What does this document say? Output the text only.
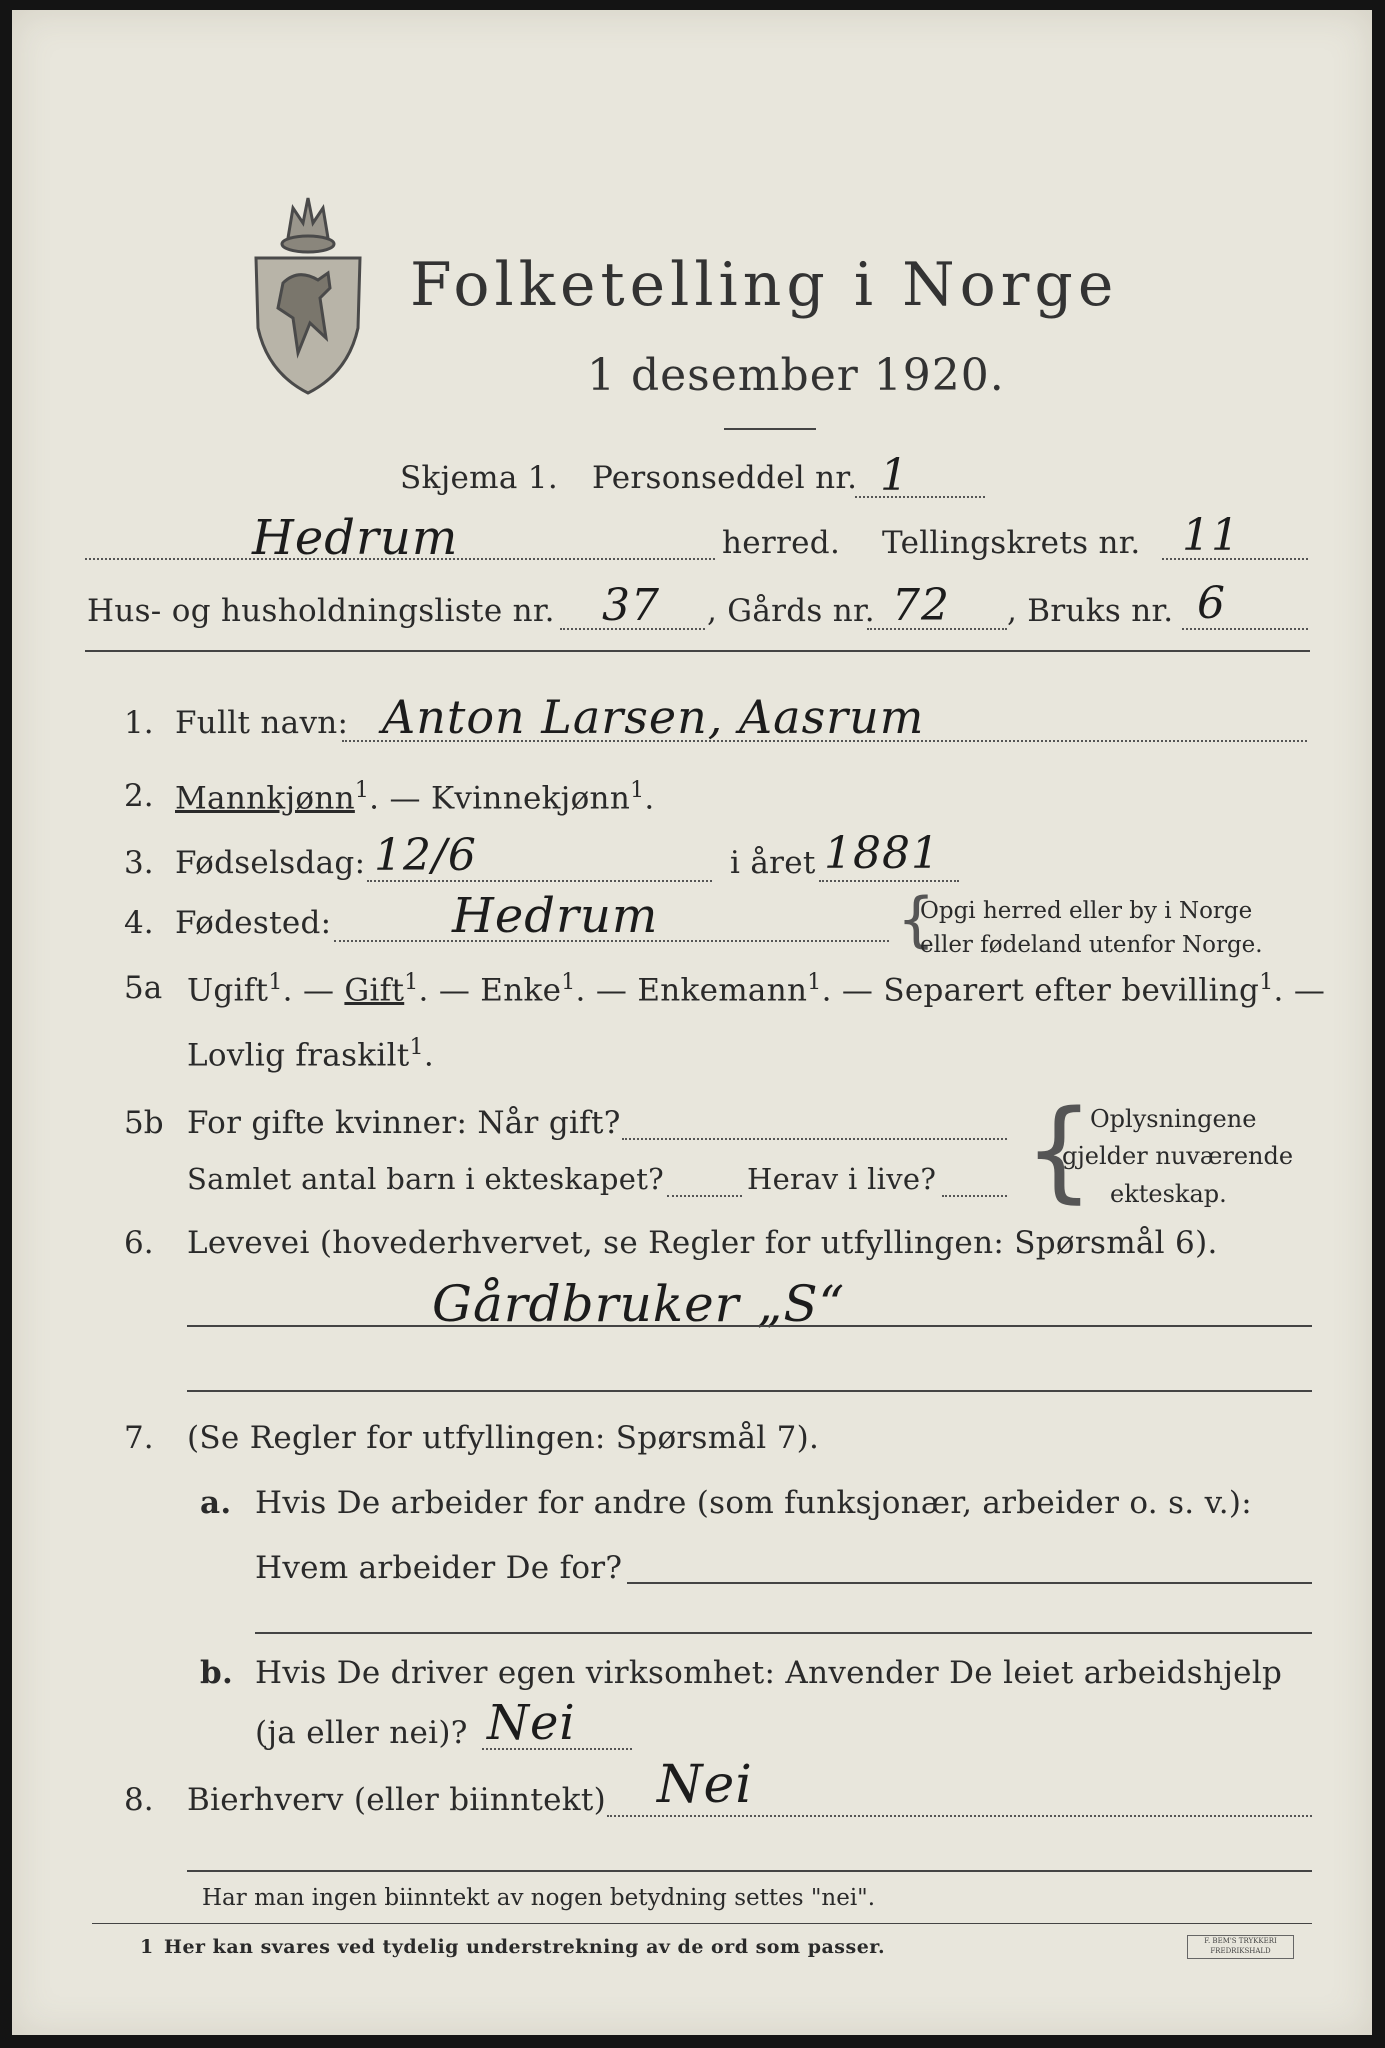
Folketelling i Norge
1 desember 1920.
Skjema 1. Personseddel nr. 1
Hedrum	herred. Tellingskrets nr. 11
Hus- og husholdningsliste nr. 37 , Gårds nr. 72 , Bruks nr. 6
1. Fullt navn: Anton Larsen, Aasrum
2. Mannkjønn$^1$. — Kvinnekjønn$^1$.
3. Fødselsdag: 12/6	i året 1881
4. Fødested:	Hedrum	{
Opgi herred eller by i Norge
eller fødeland utenfor Norge.
5a Ugift$^1$. — Gift$^1$. — Enke$^1$. — Enkemann$^1$. — Separert efter bevilling$^1$. —
Lovlig fraskilt$^1$.
5b For gifte kvinner: Når gift?
Samlet antal barn i ekteskapet?	Herav i live? {
Oplysningene
gjelder nuværende
ekteskap.
6. Levevei (hovederhvervet, se Regler for utfyllingen: Spørsmål 6).
Gårdbruker „S“
7. (Se Regler for utfyllingen: Spørsmål 7).
a. Hvis De arbeider for andre (som funksjonær, arbeider o. s. v.):
Hvem arbeider De for?
b. Hvis De driver egen virksomhet: Anvender De leiet arbeidshjelp
(ja eller nei)? Nei
8. Bierhverv (eller biinntekt) Nei
Har man ingen biinntekt av nogen betydning settes "nei".
1 Her kan svares ved tydelig understrekning av de ord som passer.	F. BEM'S TRYKKERI FREDRIKSHALD
